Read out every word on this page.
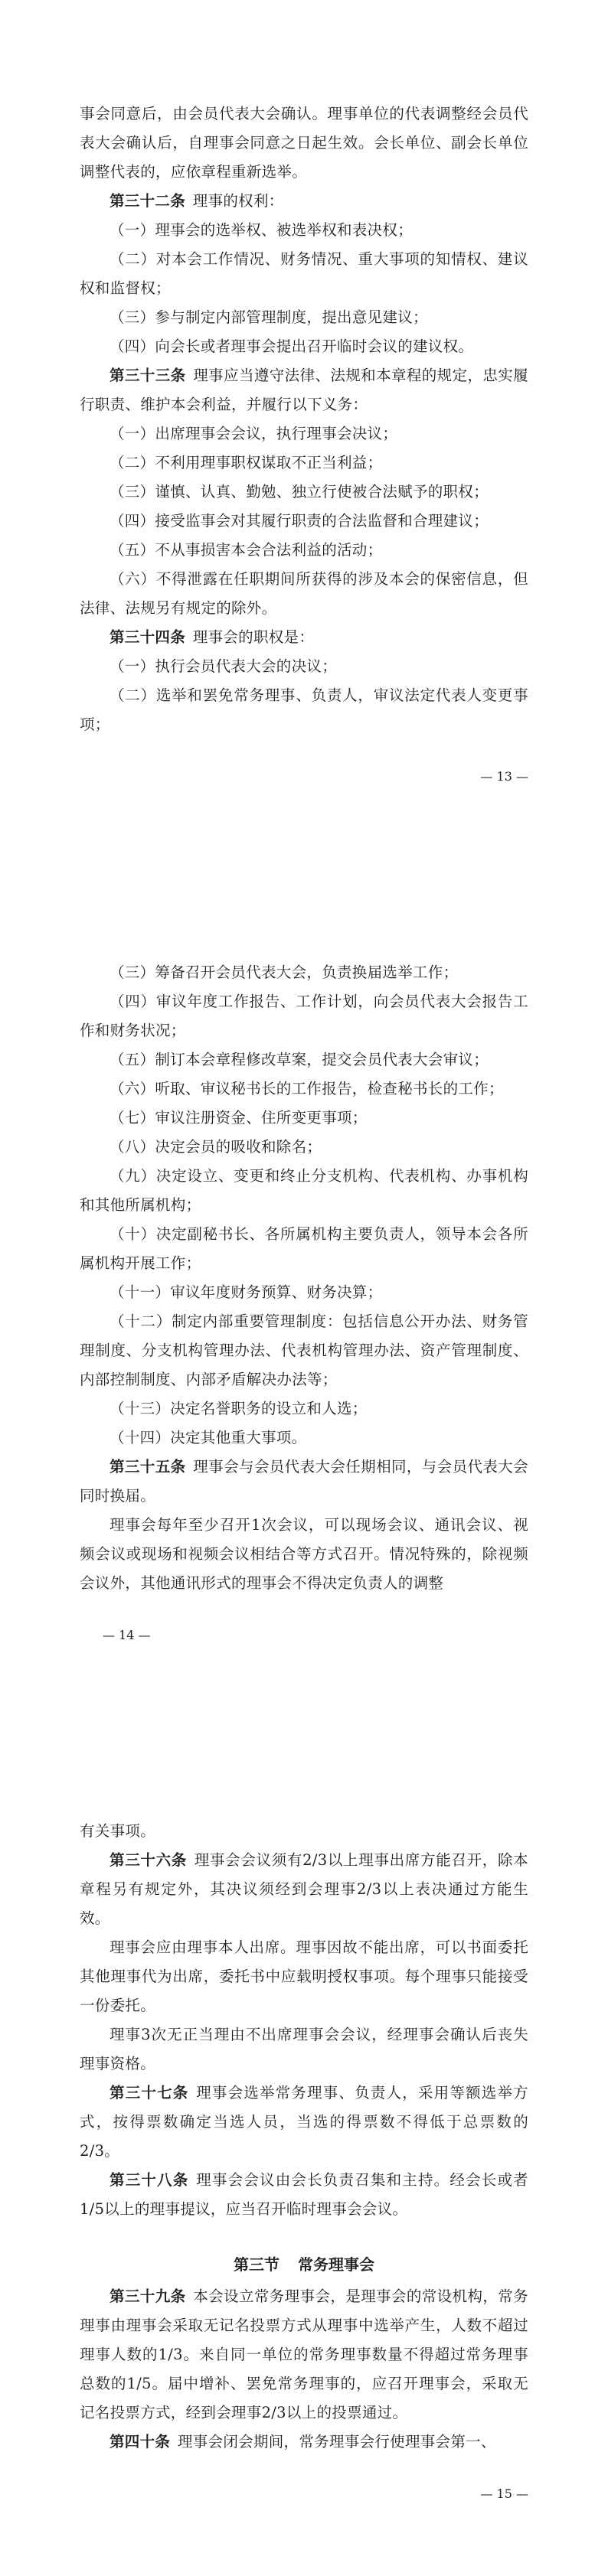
事会同意后，由会员代表大会确认。理事单位的代表调整经会员代表大会确认后，自理事会同意之日起生效。会长单位、副会长单位调整代表的，应依章程重新选举。

第三十二条 理事的权利：

（一）理事会的选举权、被选举权和表决权；

（二）对本会工作情况、财务情况、重大事项的知情权、建议权和监督权；

（三）参与制定内部管理制度，提出意见建议；

（四）向会长或者理事会提出召开临时会议的建议权。

第三十三条 理事应当遵守法律、法规和本章程的规定，忠实履行职责、维护本会利益，并履行以下义务：

（一）出席理事会会议，执行理事会决议；

（二）不利用理事职权谋取不正当利益；

（三）谨慎、认真、勤勉、独立行使被合法赋予的职权；

（四）接受监事会对其履行职责的合法监督和合理建议；

（五）不从事损害本会合法利益的活动；

（六）不得泄露在任职期间所获得的涉及本会的保密信息，但法律、法规另有规定的除外。

第三十四条 理事会的职权是：

（一）执行会员代表大会的决议；

（二）选举和罢免常务理事、负责人，审议法定代表人变更事项；

— 13 —

（三）筹备召开会员代表大会，负责换届选举工作；

（四）审议年度工作报告、工作计划，向会员代表大会报告工作和财务状况；

（五）制订本会章程修改草案，提交会员代表大会审议；

（六）听取、审议秘书长的工作报告，检查秘书长的工作；

（七）审议注册资金、住所变更事项；

（八）决定会员的吸收和除名；

（九）决定设立、变更和终止分支机构、代表机构、办事机构和其他所属机构；

（十）决定副秘书长、各所属机构主要负责人，领导本会各所属机构开展工作；

（十一）审议年度财务预算、财务决算；

（十二）制定内部重要管理制度：包括信息公开办法、财务管理制度、分支机构管理办法、代表机构管理办法、资产管理制度、内部控制制度、内部矛盾解决办法等；

（十三）决定名誉职务的设立和人选；

（十四）决定其他重大事项。

第三十五条 理事会与会员代表大会任期相同，与会员代表大会同时换届。

理事会每年至少召开1次会议，可以现场会议、通讯会议、视频会议或现场和视频会议相结合等方式召开。情况特殊的，除视频会议外，其他通讯形式的理事会不得决定负责人的调整

— 14 —

有关事项。

第三十六条 理事会会议须有2/3以上理事出席方能召开，除本章程另有规定外，其决议须经到会理事2/3以上表决通过方能生效。

理事会应由理事本人出席。理事因故不能出席，可以书面委托其他理事代为出席，委托书中应载明授权事项。每个理事只能接受一份委托。

理事3次无正当理由不出席理事会会议，经理事会确认后丧失理事资格。

第三十七条 理事会选举常务理事、负责人，采用等额选举方式，按得票数确定当选人员，当选的得票数不得低于总票数的2/3。

第三十八条 理事会会议由会长负责召集和主持。经会长或者1/5以上的理事提议，应当召开临时理事会会议。

第三节 常务理事会

第三十九条 本会设立常务理事会，是理事会的常设机构，常务理事由理事会采取无记名投票方式从理事中选举产生，人数不超过理事人数的1/3。来自同一单位的常务理事数量不得超过常务理事总数的1/5。届中增补、罢免常务理事的，应召开理事会，采取无记名投票方式，经到会理事2/3以上的投票通过。

第四十条 理事会闭会期间，常务理事会行使理事会第一、

— 15 —
